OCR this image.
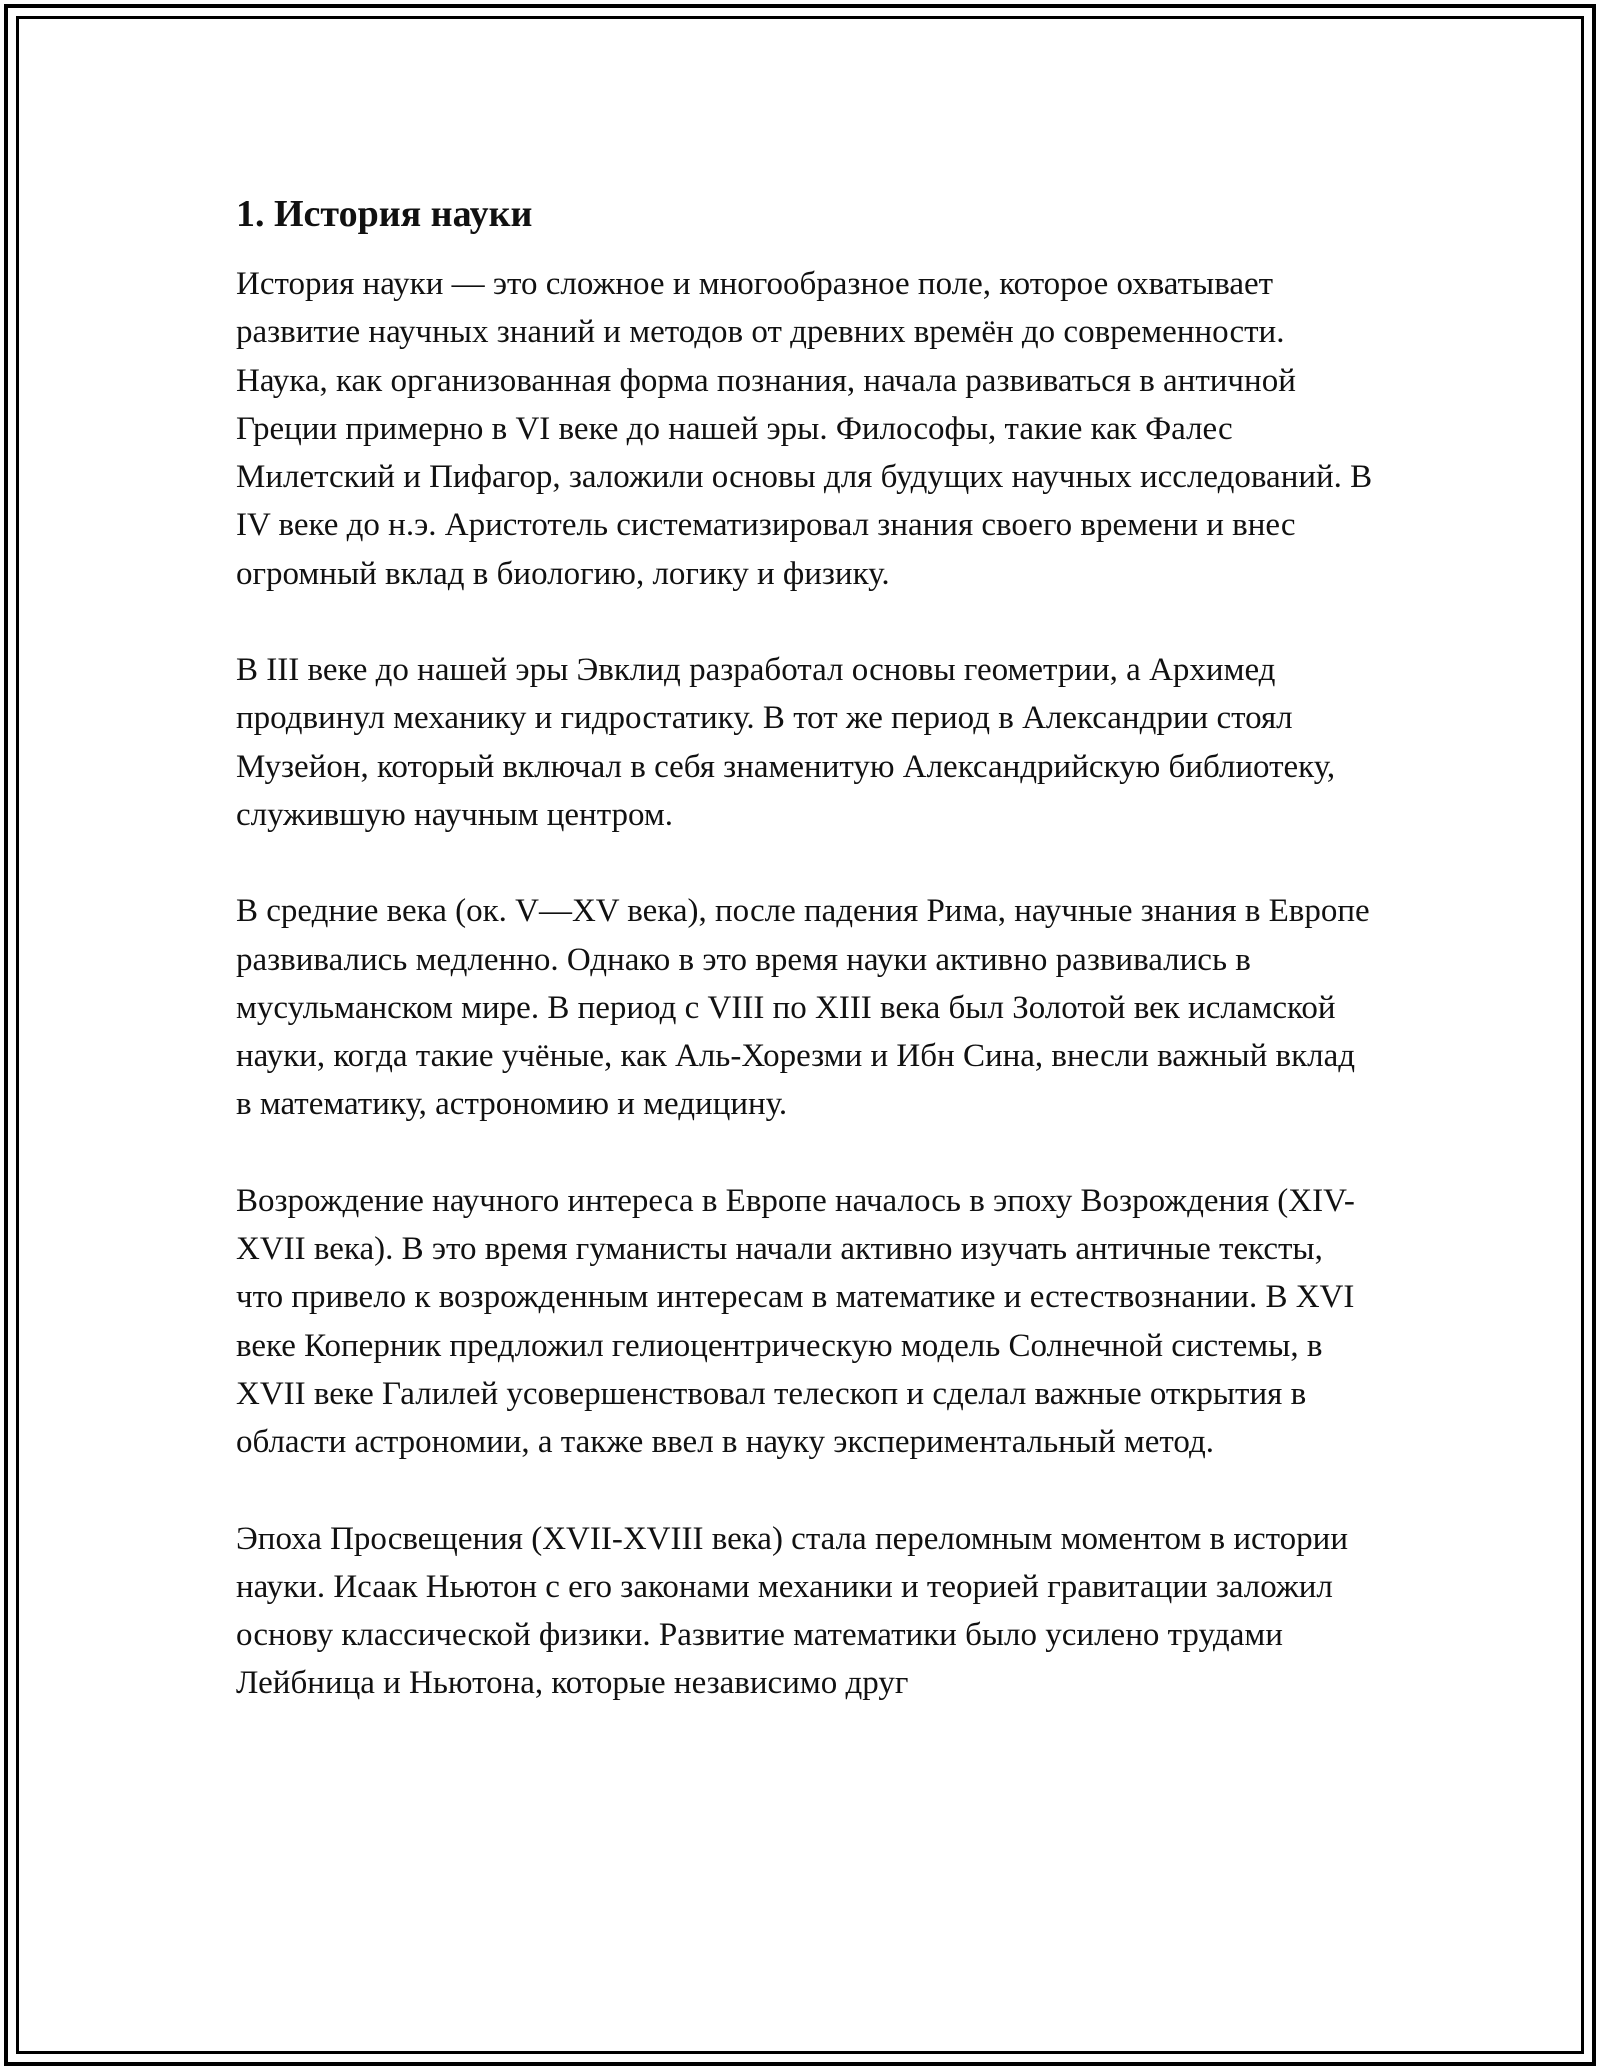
1. История науки

История науки — это сложное и многообразное поле, которое охватывает развитие научных знаний и методов от древних времён до современности. Наука, как организованная форма познания, начала развиваться в античной Греции примерно в VI веке до нашей эры. Философы, такие как Фалес Милетский и Пифагор, заложили основы для будущих научных исследований. В IV веке до н.э. Аристотель систематизировал знания своего времени и внес огромный вклад в биологию, логику и физику.

В III веке до нашей эры Эвклид разработал основы геометрии, а Архимед продвинул механику и гидростатику. В тот же период в Александрии стоял Музейон, который включал в себя знаменитую Александрийскую библиотеку, служившую научным центром.

В средние века (ок. V—XV века), после падения Рима, научные знания в Европе развивались медленно. Однако в это время науки активно развивались в мусульманском мире. В период с VIII по XIII века был Золотой век исламской науки, когда такие учёные, как Аль-Хорезми и Ибн Сина, внесли важный вклад в математику, астрономию и медицину.

Возрождение научного интереса в Европе началось в эпоху Возрождения (XIV-XVII века). В это время гуманисты начали активно изучать античные тексты, что привело к возрожденным интересам в математике и естествознании. В XVI веке Коперник предложил гелиоцентрическую модель Солнечной системы, в XVII веке Галилей усовершенствовал телескоп и сделал важные открытия в области астрономии, а также ввел в науку экспериментальный метод.

Эпоха Просвещения (XVII-XVIII века) стала переломным моментом в истории науки. Исаак Ньютон с его законами механики и теорией гравитации заложил основу классической физики. Развитие математики было усилено трудами Лейбница и Ньютона, которые независимо друг
